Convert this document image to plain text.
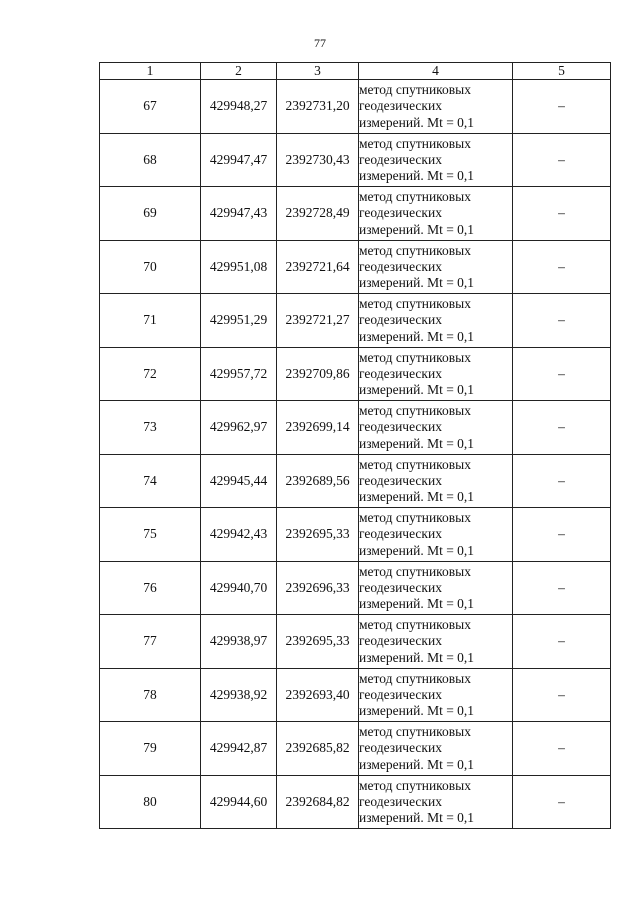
77
1	2	3	4	5
67	429948,27	2392731,20	метод спутниковых
геодезических
измерений. Mt = 0,1	–
68	429947,47	2392730,43	метод спутниковых
геодезических
измерений. Mt = 0,1	–
69	429947,43	2392728,49	метод спутниковых
геодезических
измерений. Mt = 0,1	–
70	429951,08	2392721,64	метод спутниковых
геодезических
измерений. Mt = 0,1	–
71	429951,29	2392721,27	метод спутниковых
геодезических
измерений. Mt = 0,1	–
72	429957,72	2392709,86	метод спутниковых
геодезических
измерений. Mt = 0,1	–
73	429962,97	2392699,14	метод спутниковых
геодезических
измерений. Mt = 0,1	–
74	429945,44	2392689,56	метод спутниковых
геодезических
измерений. Mt = 0,1	–
75	429942,43	2392695,33	метод спутниковых
геодезических
измерений. Mt = 0,1	–
76	429940,70	2392696,33	метод спутниковых
геодезических
измерений. Mt = 0,1	–
77	429938,97	2392695,33	метод спутниковых
геодезических
измерений. Mt = 0,1	–
78	429938,92	2392693,40	метод спутниковых
геодезических
измерений. Mt = 0,1	–
79	429942,87	2392685,82	метод спутниковых
геодезических
измерений. Mt = 0,1	–
80	429944,60	2392684,82	метод спутниковых
геодезических
измерений. Mt = 0,1	–
